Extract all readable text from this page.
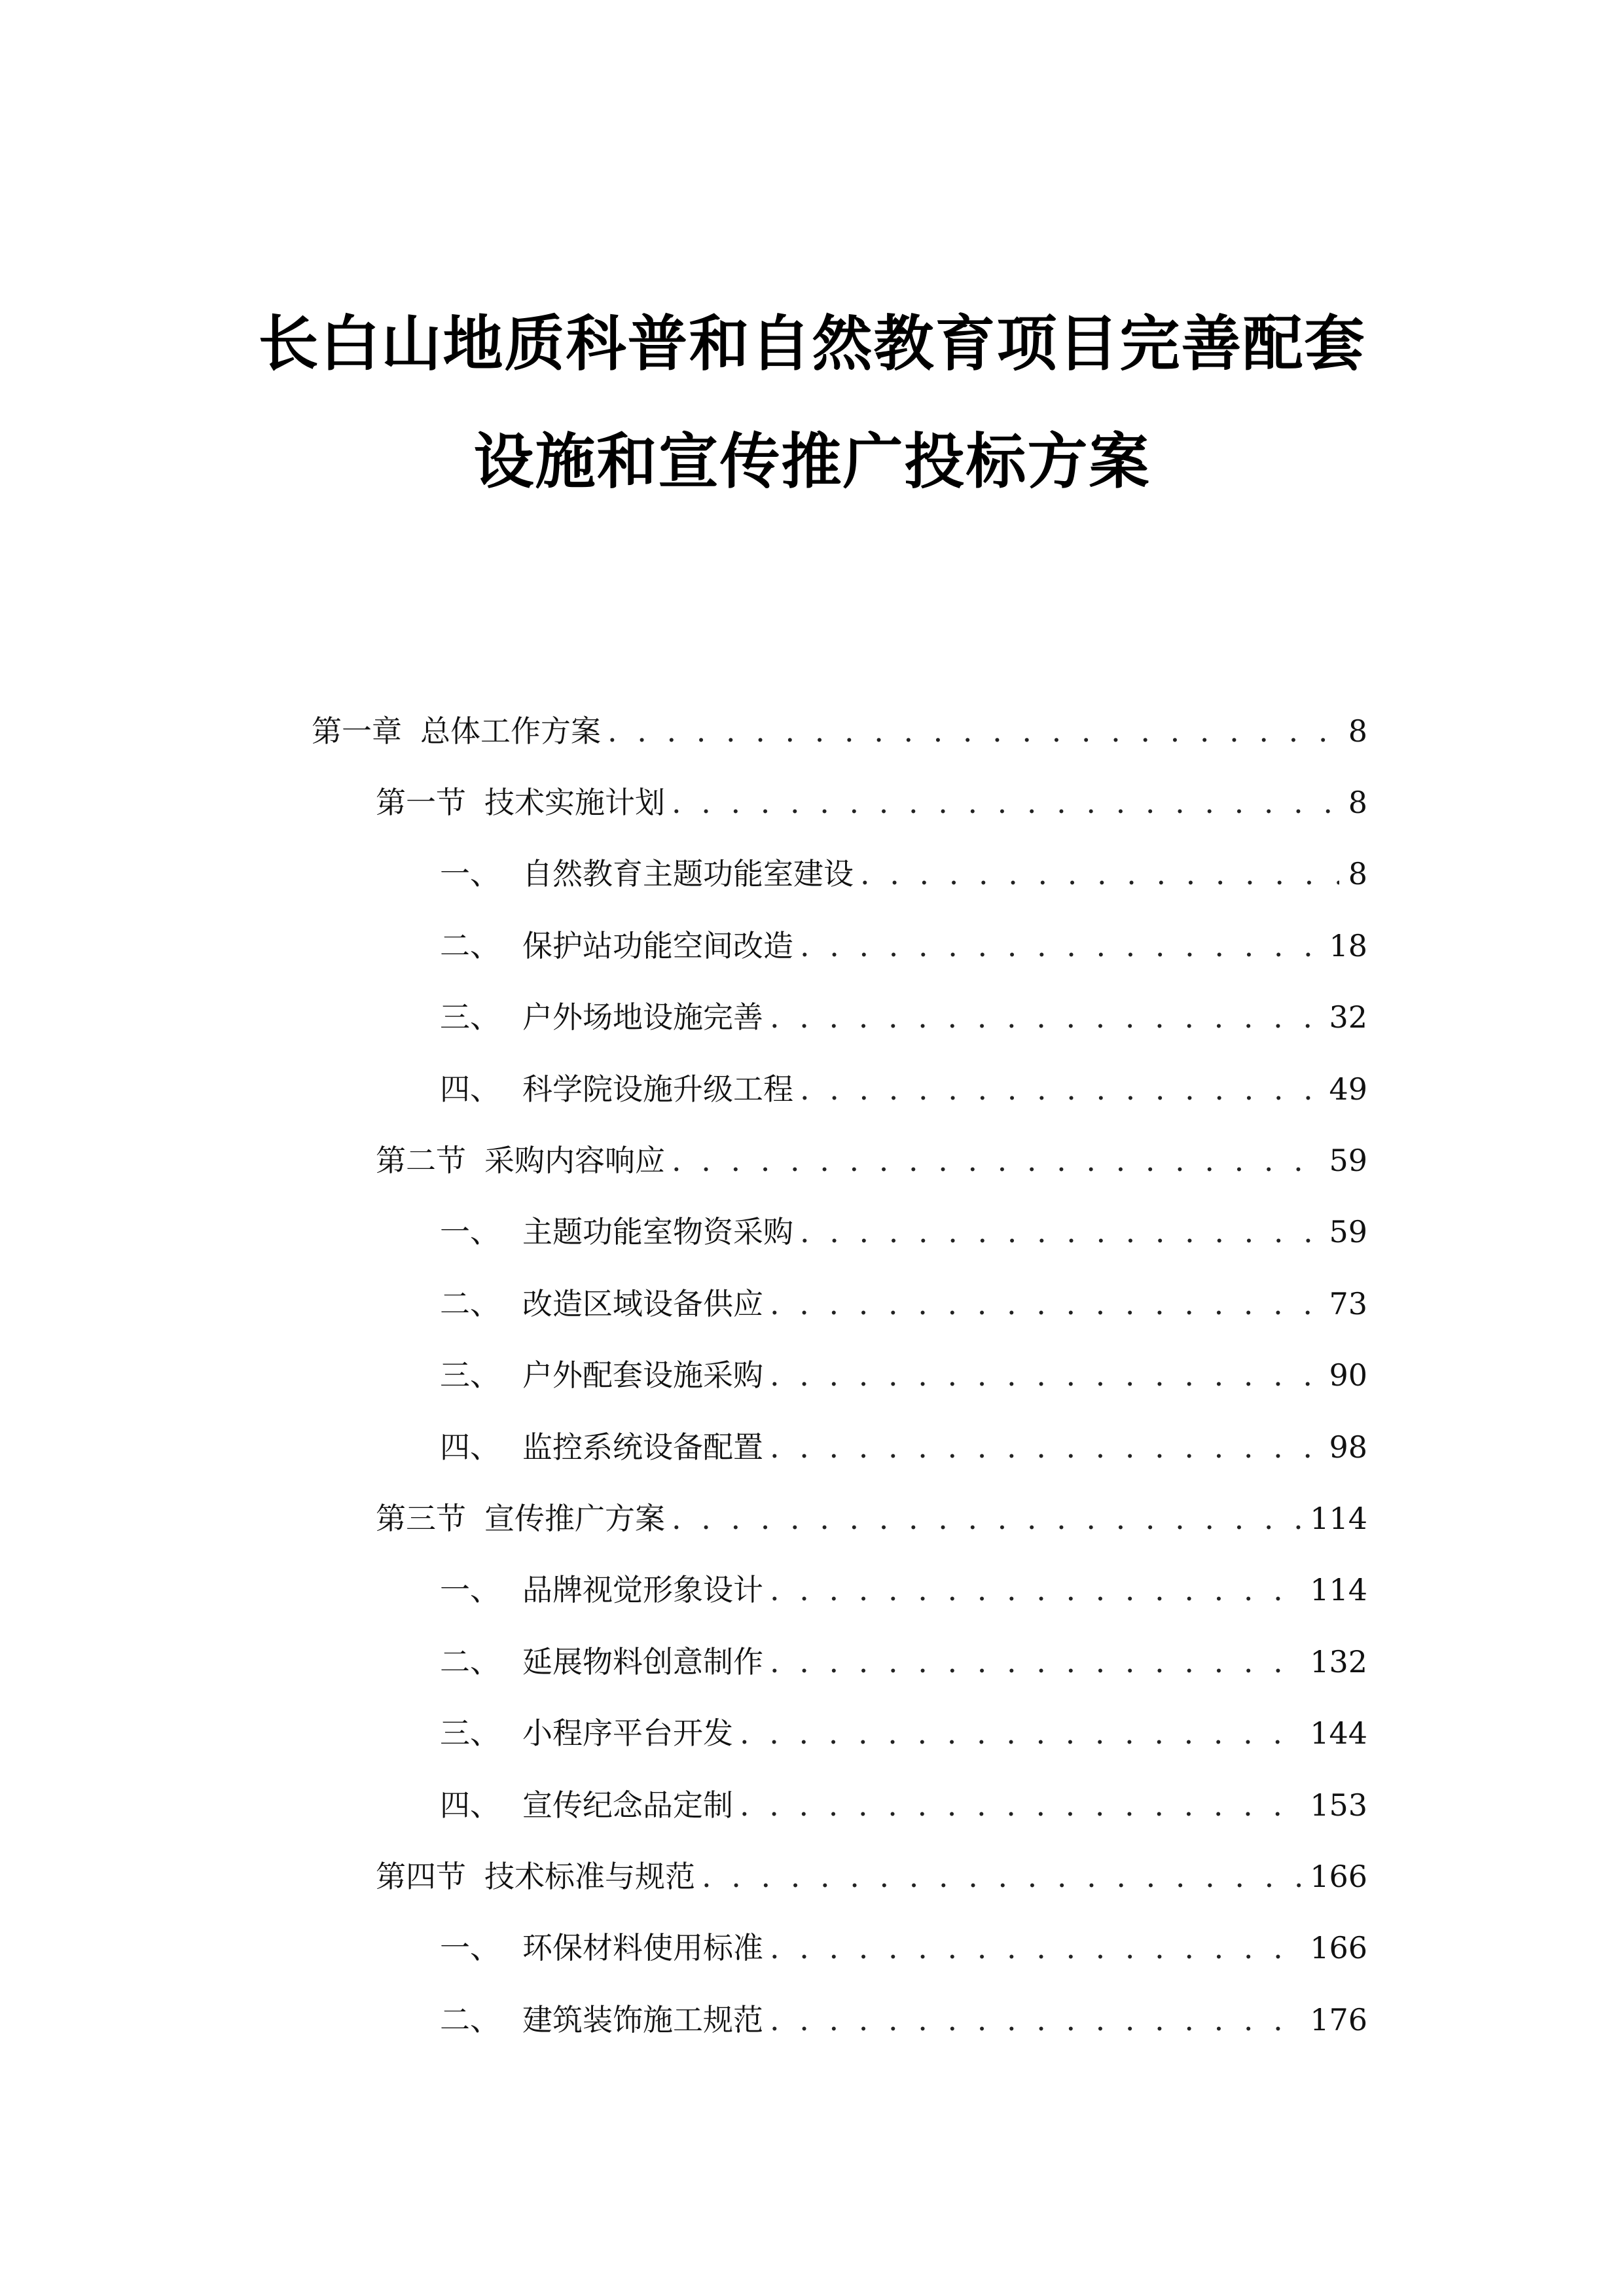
长白山地质科普和自然教育项目完善配套
设施和宣传推广投标方案
第一章 总体工作方案 . . .	8
第一节 技术实施计划 . . .	8
一、 自然教育主题功能室建设 . . .	8
二、 保护站功能空间改造 . . .	18
三、 户外场地设施完善 . . .	32
四、 科学院设施升级工程 . . .	49
第二节 采购内容响应 . . .	59
一、 主题功能室物资采购 . . .	59
二、 改造区域设备供应 . . .	73
三、 户外配套设施采购 . . .	90
四、 监控系统设备配置 . . .	98
第三节 宣传推广方案 . . .	114
一、 品牌视觉形象设计 . . .	114
二、 延展物料创意制作 . . .	132
三、 小程序平台开发 . . .	144
四、 宣传纪念品定制 . . .	153
第四节 技术标准与规范 . . .	166
一、 环保材料使用标准 . . .	166
二、 建筑装饰施工规范 . . .	176
